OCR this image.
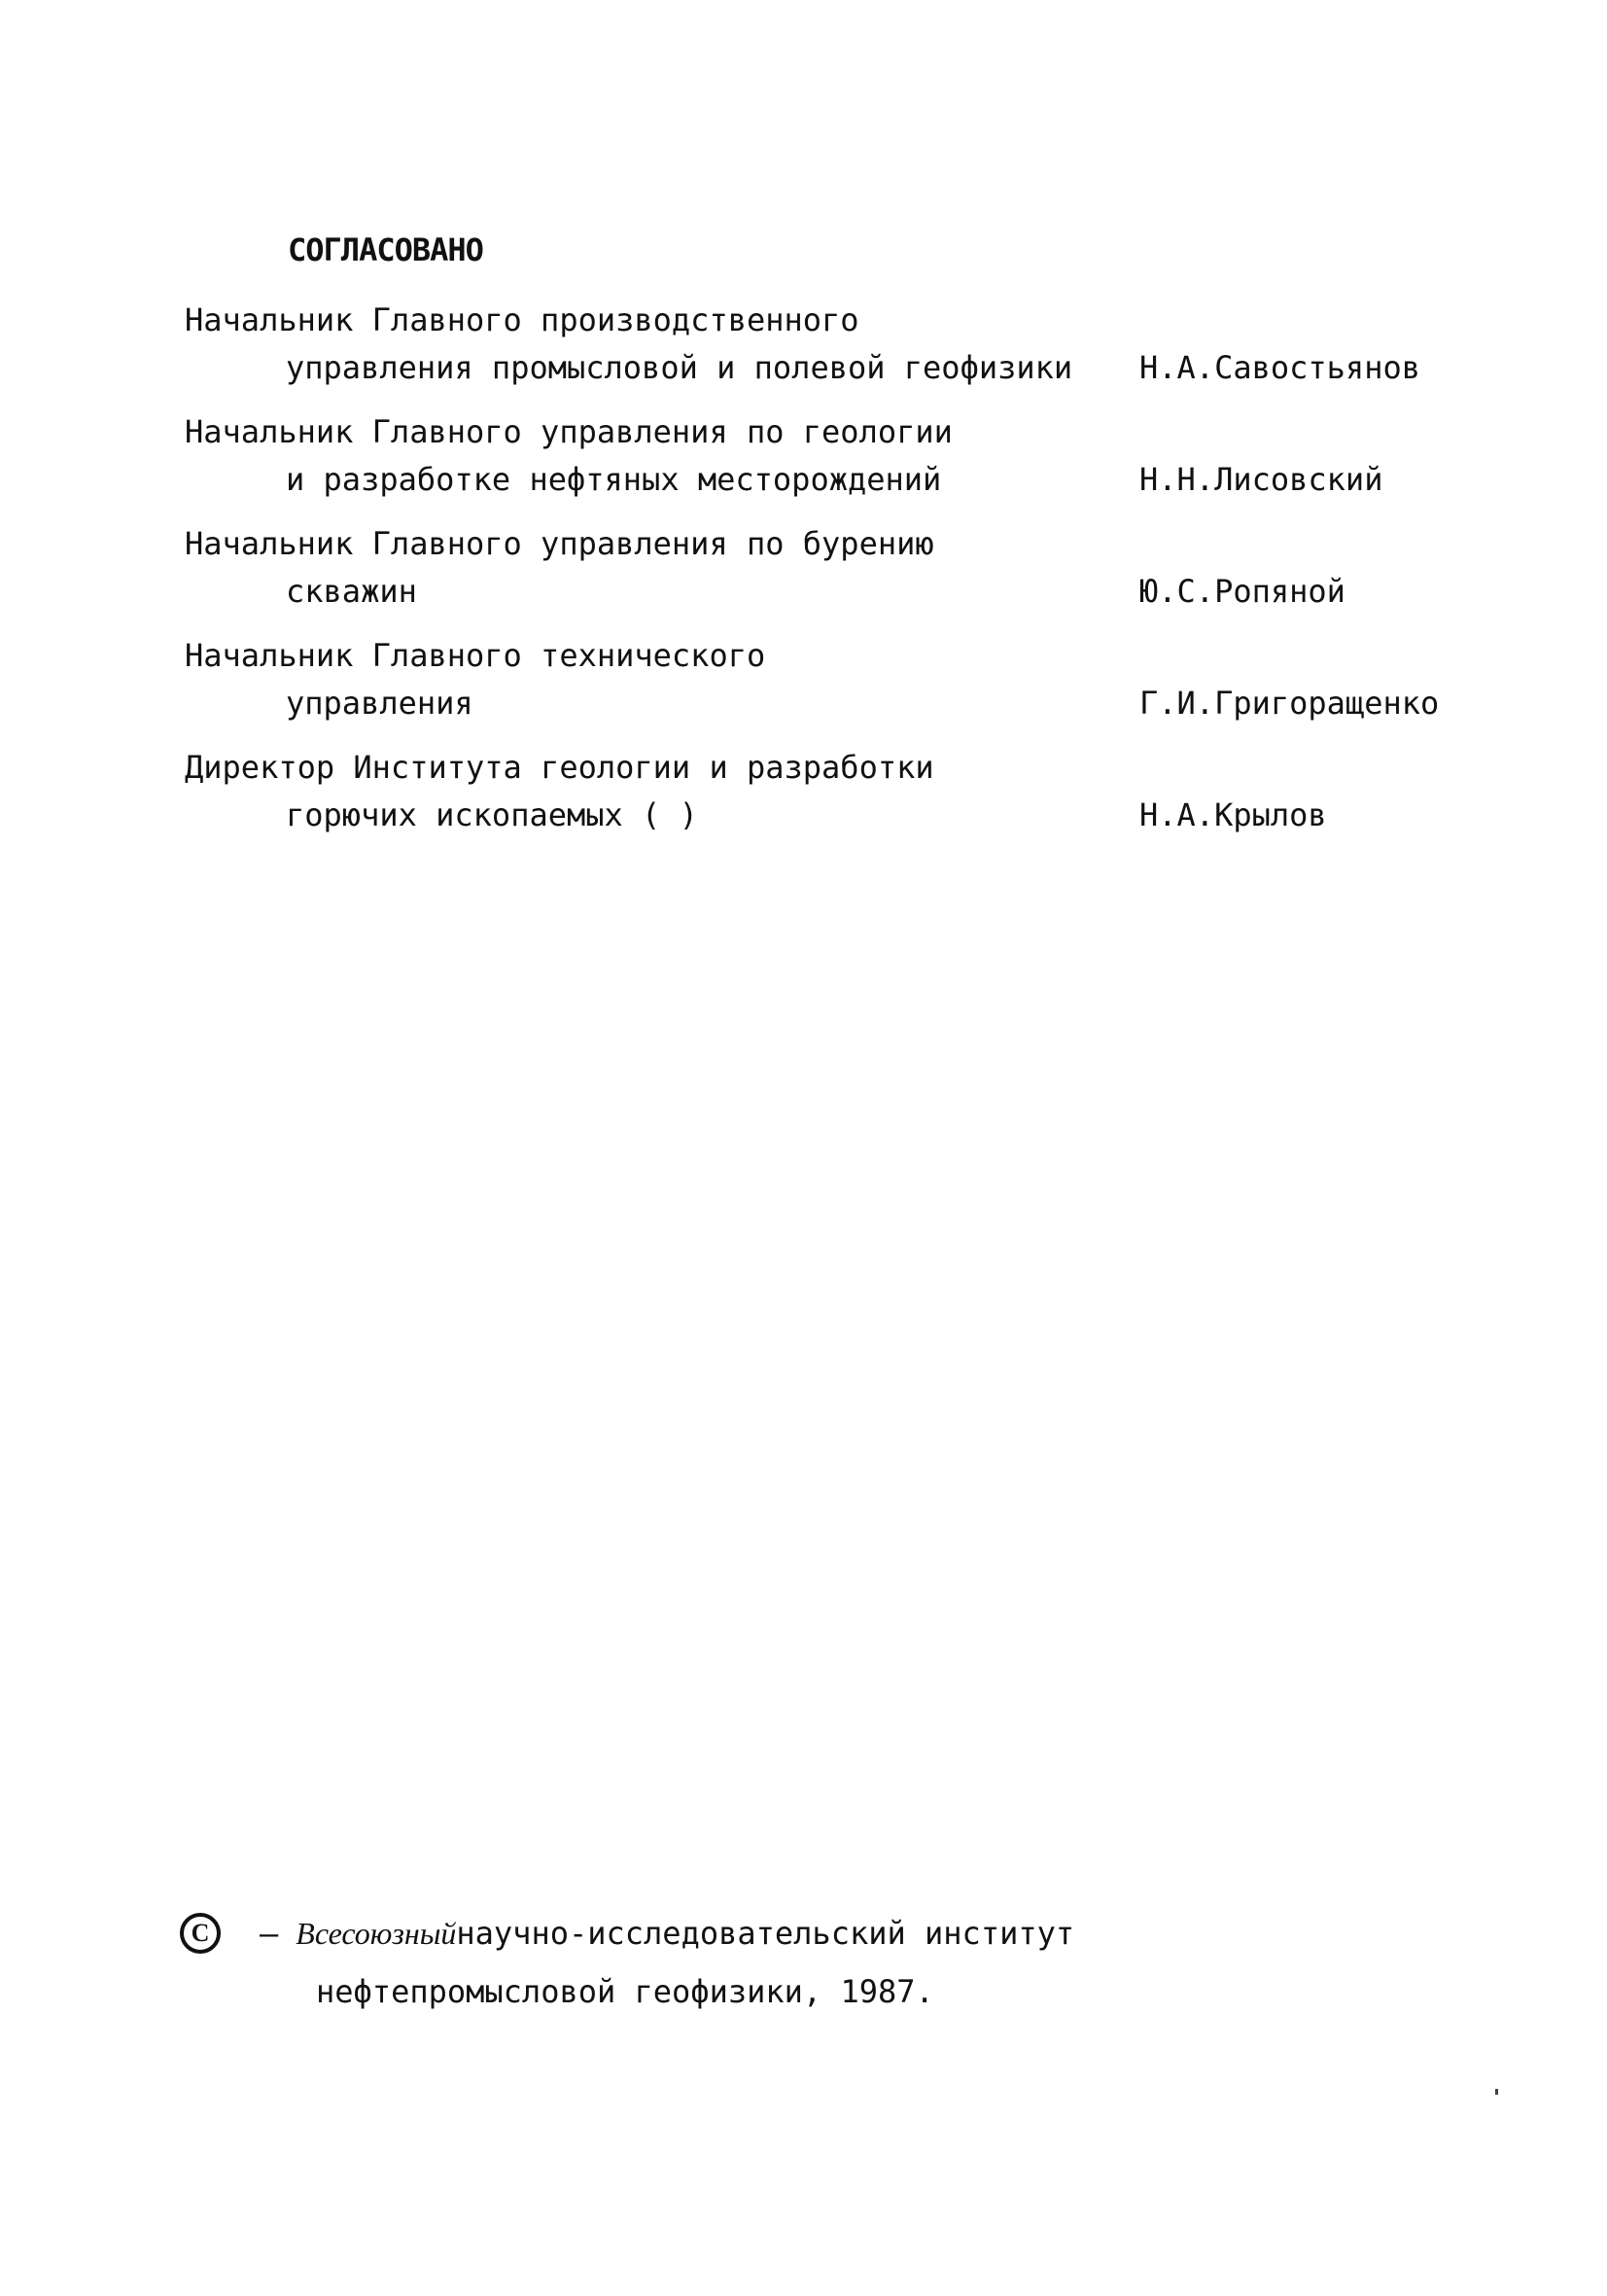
СОГЛАСОВАНО
Начальник Главного производственного
управления промысловой и полевой геофизики Н.А.Савостьянов
Начальник Главного управления по геологии
и разработке нефтяных месторождений	Н.Н.Лисовский
Начальник Главного управления по бурению
скважин	Ю.С.Ропяной
Начальник Главного технического
управления	Г.И.Григоращенко
Директор Института геологии и разработки
горючих ископаемых ( )	Н.А.Крылов
C	– Всесоюзный научно-исследовательский институт
нефтепромысловой геофизики, 1987.
